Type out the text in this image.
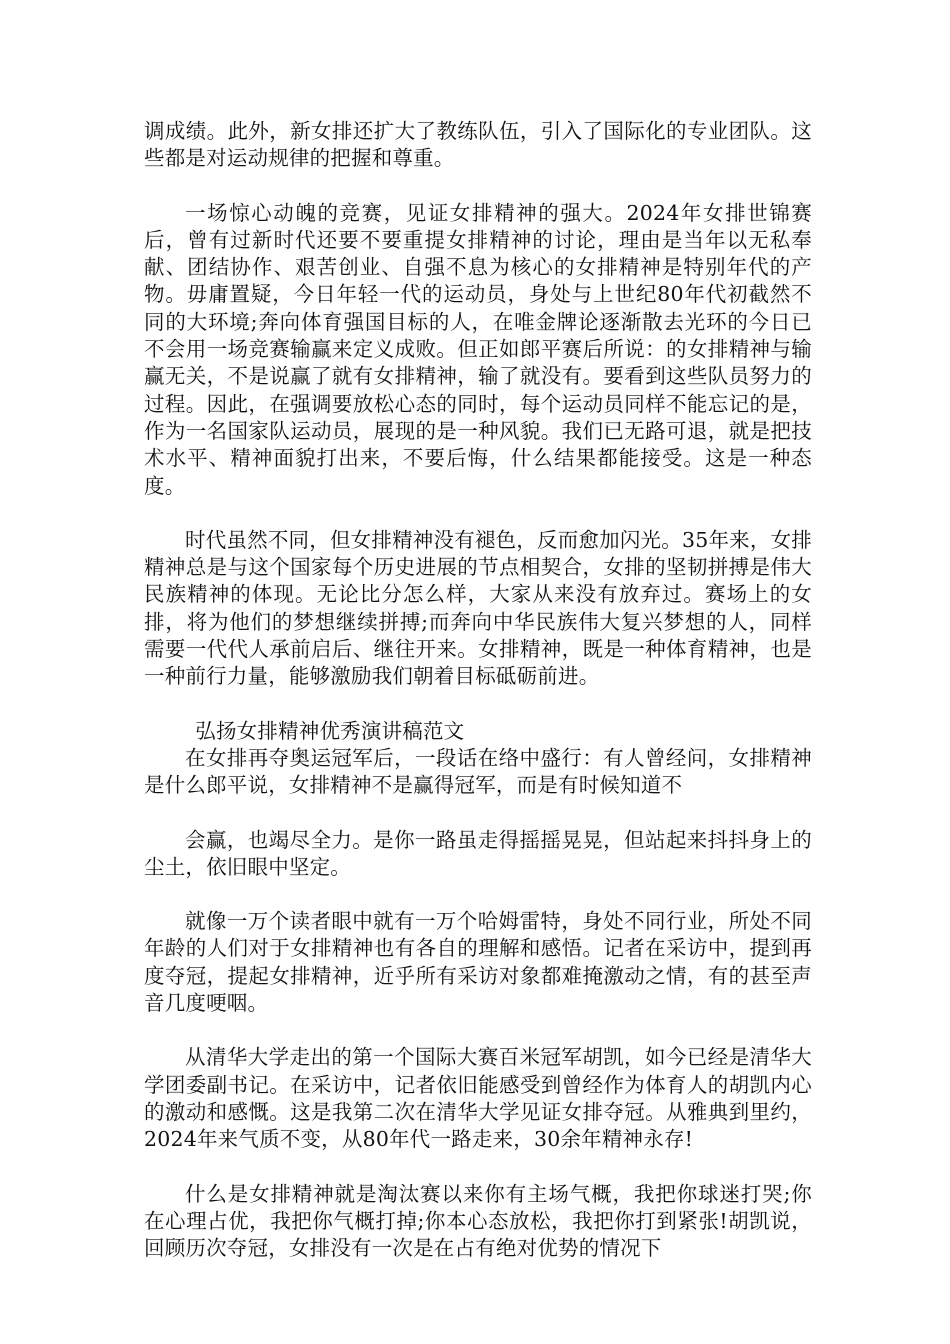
调成绩。此外，新女排还扩大了教练队伍，引入了国际化的专业团队。这些都是对运动规律的把握和尊重。

一场惊心动魄的竞赛，见证女排精神的强大。2024年女排世锦赛后，曾有过新时代还要不要重提女排精神的讨论，理由是当年以无私奉献、团结协作、艰苦创业、自强不息为核心的女排精神是特别年代的产物。毋庸置疑，今日年轻一代的运动员，身处与上世纪80年代初截然不同的大环境;奔向体育强国目标的人，在唯金牌论逐渐散去光环的今日已不会用一场竞赛输赢来定义成败。但正如郎平赛后所说：的女排精神与输赢无关，不是说赢了就有女排精神，输了就没有。要看到这些队员努力的过程。因此，在强调要放松心态的同时，每个运动员同样不能忘记的是，作为一名国家队运动员，展现的是一种风貌。我们已无路可退，就是把技术水平、精神面貌打出来，不要后悔，什么结果都能接受。这是一种态度。

时代虽然不同，但女排精神没有褪色，反而愈加闪光。35年来，女排精神总是与这个国家每个历史进展的节点相契合，女排的坚韧拼搏是伟大民族精神的体现。无论比分怎么样，大家从来没有放弃过。赛场上的女排，将为他们的梦想继续拼搏;而奔向中华民族伟大复兴梦想的人，同样需要一代代人承前启后、继往开来。女排精神，既是一种体育精神，也是一种前行力量，能够激励我们朝着目标砥砺前进。

弘扬女排精神优秀演讲稿范文

在女排再夺奥运冠军后，一段话在络中盛行：有人曾经问，女排精神是什么郎平说，女排精神不是赢得冠军，而是有时候知道不

会赢，也竭尽全力。是你一路虽走得摇摇晃晃，但站起来抖抖身上的尘土，依旧眼中坚定。

就像一万个读者眼中就有一万个哈姆雷特，身处不同行业，所处不同年龄的人们对于女排精神也有各自的理解和感悟。记者在采访中，提到再度夺冠，提起女排精神，近乎所有采访对象都难掩激动之情，有的甚至声音几度哽咽。

从清华大学走出的第一个国际大赛百米冠军胡凯，如今已经是清华大学团委副书记。在采访中，记者依旧能感受到曾经作为体育人的胡凯内心的激动和感慨。这是我第二次在清华大学见证女排夺冠。从雅典到里约，2024年来气质不变，从80年代一路走来，30余年精神永存!

什么是女排精神就是淘汰赛以来你有主场气概，我把你球迷打哭;你在心理占优，我把你气概打掉;你本心态放松，我把你打到紧张!胡凯说，回顾历次夺冠，女排没有一次是在占有绝对优势的情况下
